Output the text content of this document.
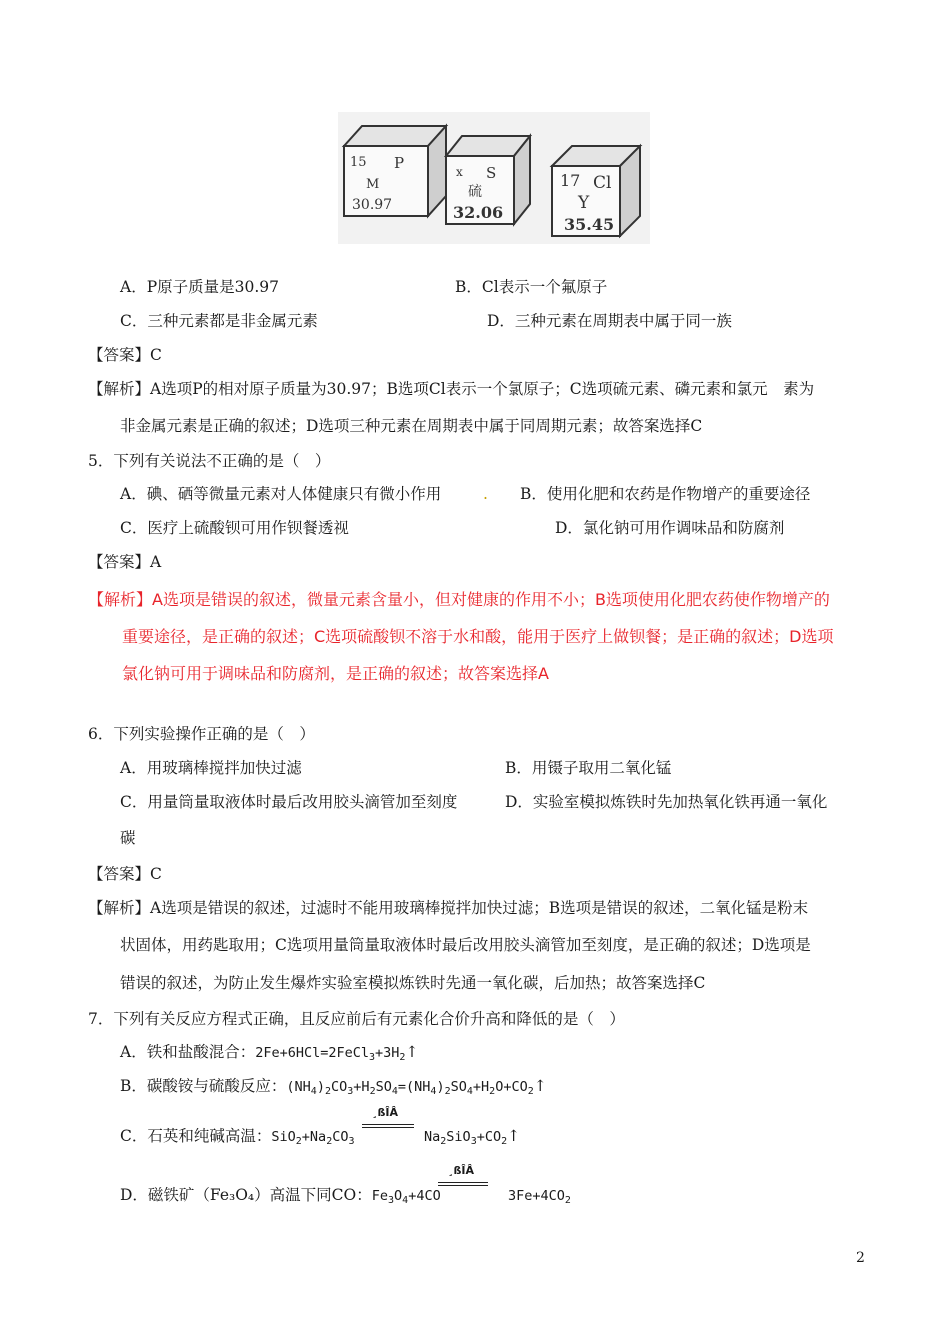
15 P
M
30.97
x S
硫
32.06
17 Cl
Y
35.45
A．P原子质量是30.97	B．Cl表示一个氟原子
C．三种元素都是非金属元素	D．三种元素在周期表中属于同一族
【答案】C
【解析】A选项P的相对原子质量为30.97；B选项Cl表示一个氯原子；C选项硫元素、磷元素和氯元　素为
非金属元素是正确的叙述；D选项三种元素在周期表中属于同周期元素；故答案选择C
5．下列有关说法不正确的是（　）
A．碘、硒等微量元素对人体健康只有微小作用	. B．使用化肥和农药是作物增产的重要途径
C．医疗上硫酸钡可用作钡餐透视	D．氯化钠可用作调味品和防腐剂
【答案】A
【解析】A选项是错误的叙述，微量元素含量小，但对健康的作用不小；B选项使用化肥农药使作物增产的
重要途径，是正确的叙述；C选项硫酸钡不溶于水和酸，能用于医疗上做钡餐；是正确的叙述；D选项
氯化钠可用于调味品和防腐剂，是正确的叙述；故答案选择A
6．下列实验操作正确的是（　）
A．用玻璃棒搅拌加快过滤	B．用镊子取用二氧化锰
C．用量筒量取液体时最后改用胶头滴管加至刻度	D．实验室模拟炼铁时先加热氧化铁再通一氧化
碳
【答案】C
【解析】A选项是错误的叙述，过滤时不能用玻璃棒搅拌加快过滤；B选项是错误的叙述，二氧化锰是粉末
状固体，用药匙取用；C选项用量筒量取液体时最后改用胶头滴管加至刻度，是正确的叙述；D选项是
错误的叙述，为防止发生爆炸实验室模拟炼铁时先通一氧化碳，后加热；故答案选择C
7．下列有关反应方程式正确，且反应前后有元素化合价升高和降低的是（　）
A．铁和盐酸混合：$2Fe+6HCl=2FeCl_3+3H_2↑$
B．碳酸铵与硫酸反应：$(NH_4)_2CO_3+H_2SO_4=(NH_4)_2SO_4+H_2O+CO_2↑$
C．石英和纯碱高温：$SiO_2+Na_2CO_3$
¸ßÎÂ
$Na_2SiO_3+CO_2↑$
D．磁铁矿（Fe₃O₄）高温下同CO：$Fe_3O_4+4CO$
¸ßÎÂ
$3Fe+4CO_2$
2
